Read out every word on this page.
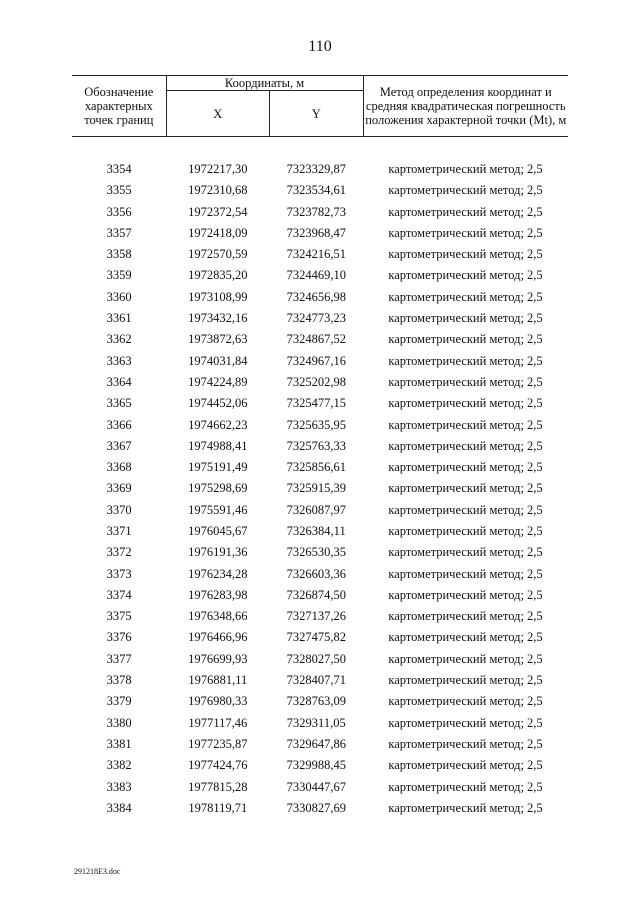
110
Обозначение характерных точек границ	Координаты, м		Метод определения координат и средняя квадратическая погрешность положения характерной точки (Mt), м
	X	Y	

3354	1972217,30	7323329,87	картометрический метод; 2,5
3355	1972310,68	7323534,61	картометрический метод; 2,5
3356	1972372,54	7323782,73	картометрический метод; 2,5
3357	1972418,09	7323968,47	картометрический метод; 2,5
3358	1972570,59	7324216,51	картометрический метод; 2,5
3359	1972835,20	7324469,10	картометрический метод; 2,5
3360	1973108,99	7324656,98	картометрический метод; 2,5
3361	1973432,16	7324773,23	картометрический метод; 2,5
3362	1973872,63	7324867,52	картометрический метод; 2,5
3363	1974031,84	7324967,16	картометрический метод; 2,5
3364	1974224,89	7325202,98	картометрический метод; 2,5
3365	1974452,06	7325477,15	картометрический метод; 2,5
3366	1974662,23	7325635,95	картометрический метод; 2,5
3367	1974988,41	7325763,33	картометрический метод; 2,5
3368	1975191,49	7325856,61	картометрический метод; 2,5
3369	1975298,69	7325915,39	картометрический метод; 2,5
3370	1975591,46	7326087,97	картометрический метод; 2,5
3371	1976045,67	7326384,11	картометрический метод; 2,5
3372	1976191,36	7326530,35	картометрический метод; 2,5
3373	1976234,28	7326603,36	картометрический метод; 2,5
3374	1976283,98	7326874,50	картометрический метод; 2,5
3375	1976348,66	7327137,26	картометрический метод; 2,5
3376	1976466,96	7327475,82	картометрический метод; 2,5
3377	1976699,93	7328027,50	картометрический метод; 2,5
3378	1976881,11	7328407,71	картометрический метод; 2,5
3379	1976980,33	7328763,09	картометрический метод; 2,5
3380	1977117,46	7329311,05	картометрический метод; 2,5
3381	1977235,87	7329647,86	картометрический метод; 2,5
3382	1977424,76	7329988,45	картометрический метод; 2,5
3383	1977815,28	7330447,67	картометрический метод; 2,5
3384	1978119,71	7330827,69	картометрический метод; 2,5
291218E3.doc
